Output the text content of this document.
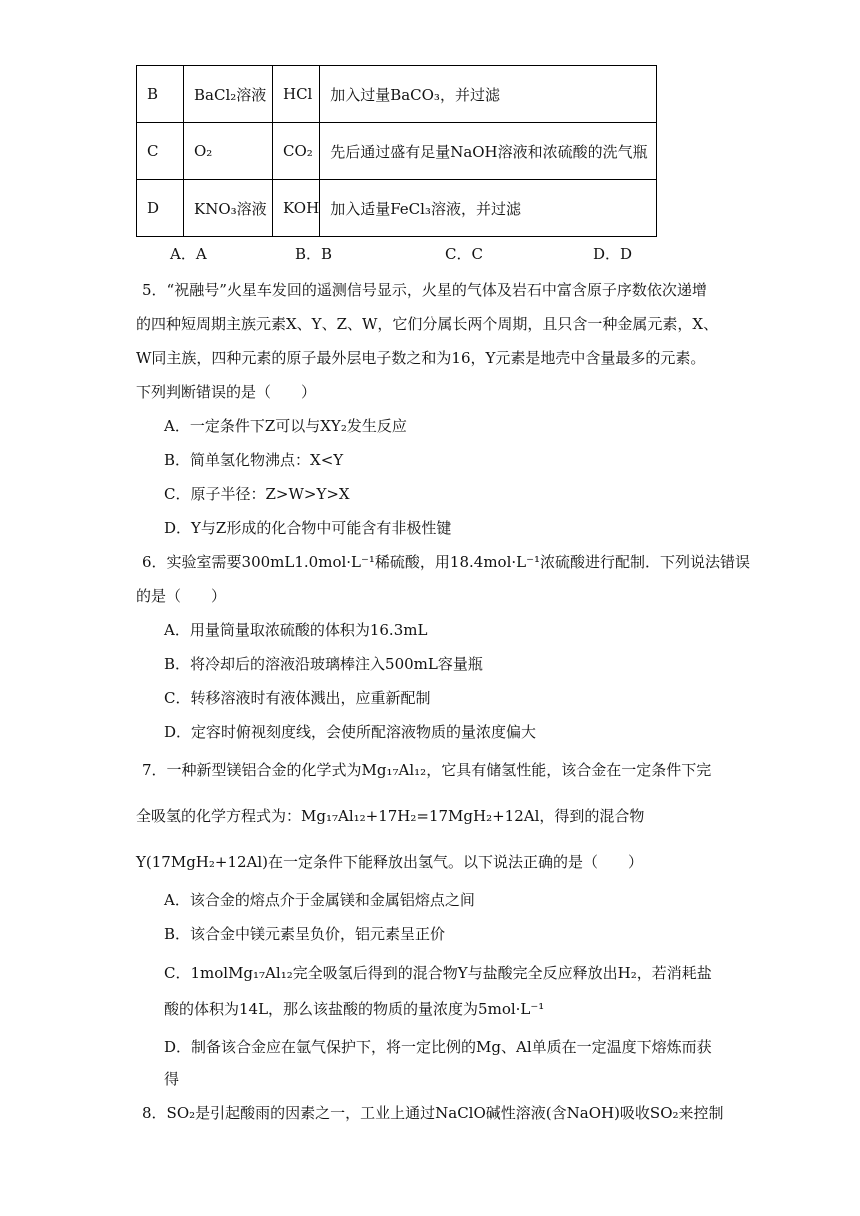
B	BaCl₂溶液	HCl	加入过量BaCO₃，并过滤
C	O₂	CO₂	先后通过盛有足量NaOH溶液和浓硫酸的洗气瓶
D	KNO₃溶液	KOH	加入适量FeCl₃溶液，并过滤
A．A	B．B	C．C	D．D
5．“祝融号”火星车发回的遥测信号显示，火星的气体及岩石中富含原子序数依次递增
的四种短周期主族元素X、Y、Z、W，它们分属长两个周期，且只含一种金属元素，X、
W同主族，四种元素的原子最外层电子数之和为16，Y元素是地壳中含量最多的元素。
下列判断错误的是（　　）
A．一定条件下Z可以与XY₂发生反应
B．简单氢化物沸点：X<Y
C．原子半径：Z>W>Y>X
D．Y与Z形成的化合物中可能含有非极性键
6．实验室需要300mL1.0mol·L⁻¹稀硫酸，用18.4mol·L⁻¹浓硫酸进行配制．下列说法错误
的是（　　）
A．用量筒量取浓硫酸的体积为16.3mL
B．将冷却后的溶液沿玻璃棒注入500mL容量瓶
C．转移溶液时有液体溅出，应重新配制
D．定容时俯视刻度线，会使所配溶液物质的量浓度偏大
7．一种新型镁铝合金的化学式为Mg₁₇Al₁₂，它具有储氢性能，该合金在一定条件下完
全吸氢的化学方程式为：Mg₁₇Al₁₂+17H₂=17MgH₂+12Al，得到的混合物
Y(17MgH₂+12Al)在一定条件下能释放出氢气。以下说法正确的是（　　）
A．该合金的熔点介于金属镁和金属铝熔点之间
B．该合金中镁元素呈负价，铝元素呈正价
C．1molMg₁₇Al₁₂完全吸氢后得到的混合物Y与盐酸完全反应释放出H₂，若消耗盐
酸的体积为14L，那么该盐酸的物质的量浓度为5mol·L⁻¹
D．制备该合金应在氩气保护下，将一定比例的Mg、Al单质在一定温度下熔炼而获
得
8．SO₂是引起酸雨的因素之一，工业上通过NaClO碱性溶液(含NaOH)吸收SO₂来控制
